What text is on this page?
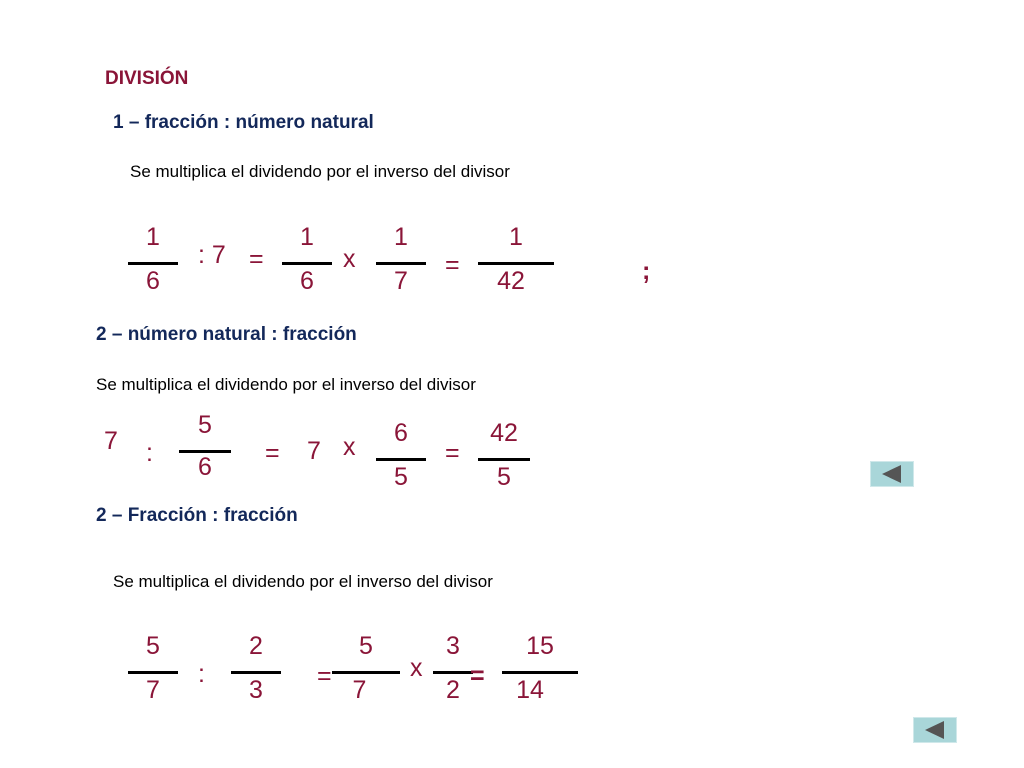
DIVISIÓN
1 – fracción : número natural
Se multiplica el dividendo por el inverso del divisor
1
6
: 7 =
1
6
x
1
7
=
1
42	;
2 – número natural : fracción
Se multiplica el dividendo por el inverso del divisor
7 :
5
6	= 7 x	6
5
=
42
5
2 – Fracción : fracción
Se multiplica el dividendo por el inverso del divisor
5
7
:
2
3	=
5
7
x
3
2 =
15
14
